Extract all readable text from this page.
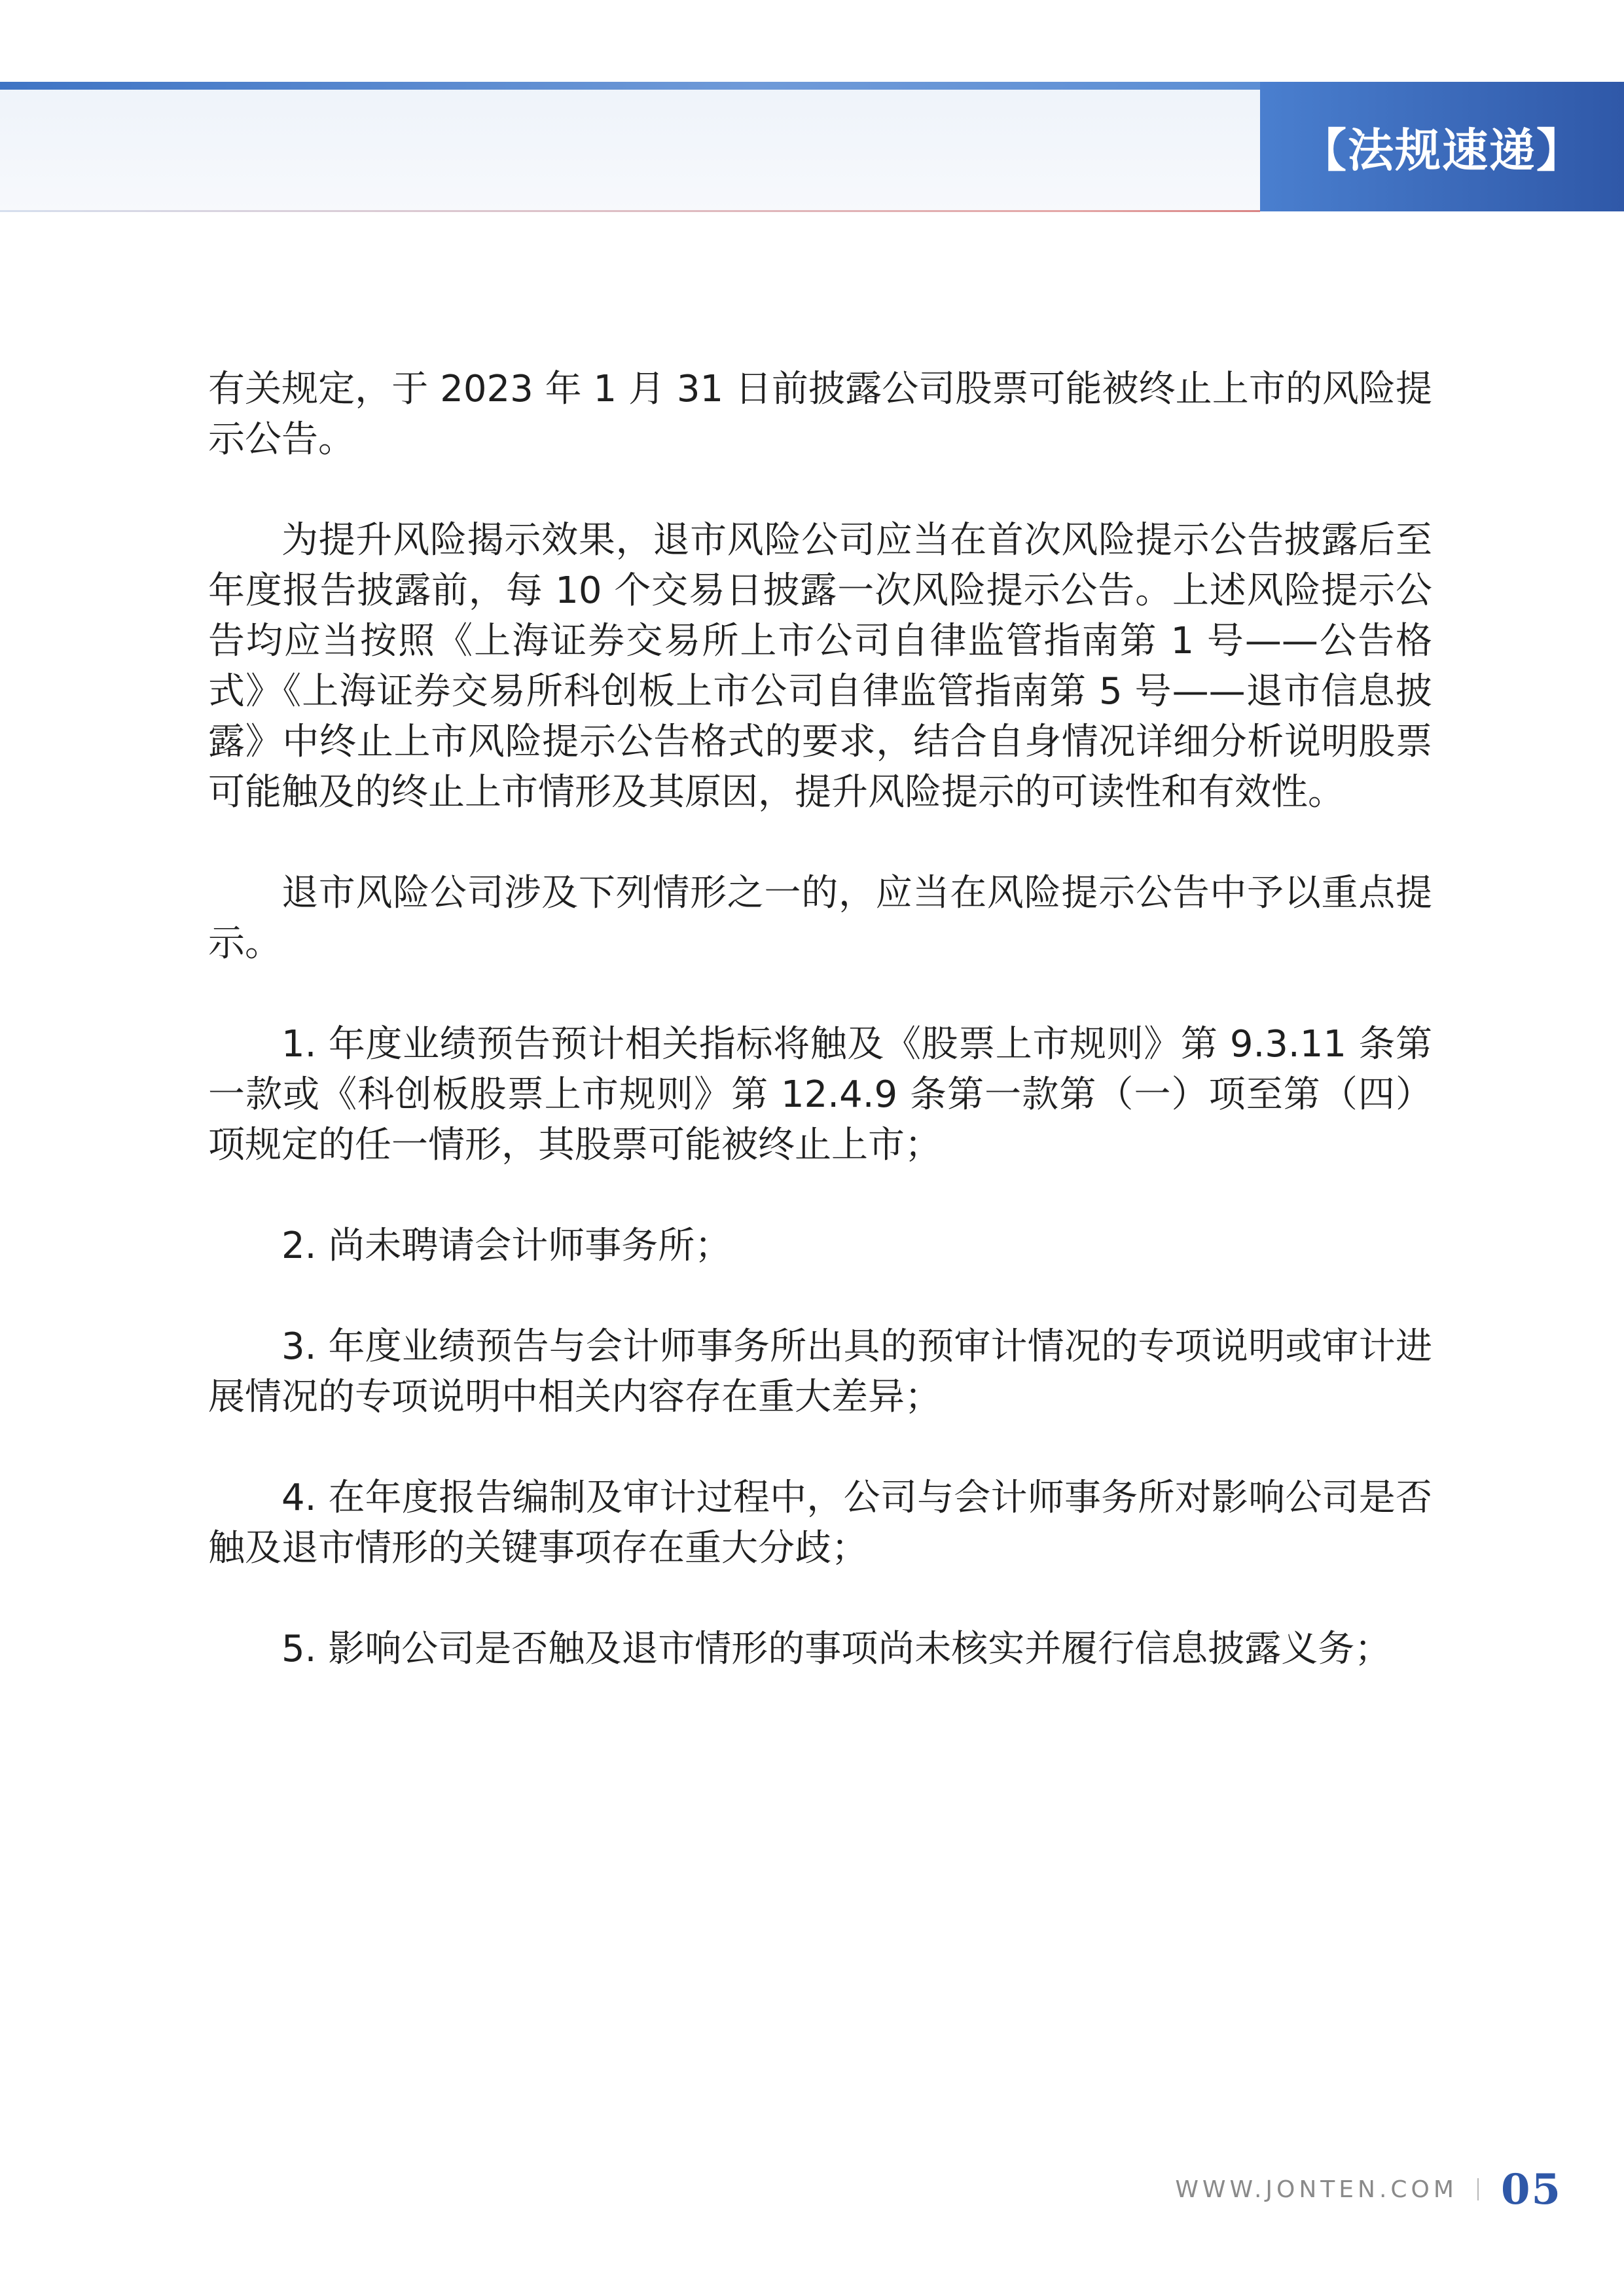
【法规速递】

有关规定，于 2023 年 1 月 31 日前披露公司股票可能被终止上市的风险提示公告。

为提升风险揭示效果，退市风险公司应当在首次风险提示公告披露后至年度报告披露前，每 10 个交易日披露一次风险提示公告。上述风险提示公告均应当按照《上海证券交易所上市公司自律监管指南第 1 号——公告格式》《上海证券交易所科创板上市公司自律监管指南第 5 号——退市信息披露》中终止上市风险提示公告格式的要求，结合自身情况详细分析说明股票可能触及的终止上市情形及其原因，提升风险提示的可读性和有效性。

退市风险公司涉及下列情形之一的，应当在风险提示公告中予以重点提示。

1. 年度业绩预告预计相关指标将触及《股票上市规则》第 9.3.11 条第一款或《科创板股票上市规则》第 12.4.9 条第一款第（一）项至第（四）项规定的任一情形，其股票可能被终止上市；

2. 尚未聘请会计师事务所；

3. 年度业绩预告与会计师事务所出具的预审计情况的专项说明或审计进展情况的专项说明中相关内容存在重大差异；

4. 在年度报告编制及审计过程中，公司与会计师事务所对影响公司是否触及退市情形的关键事项存在重大分歧；

5. 影响公司是否触及退市情形的事项尚未核实并履行信息披露义务；

WWW.JONTEN.COM 05
